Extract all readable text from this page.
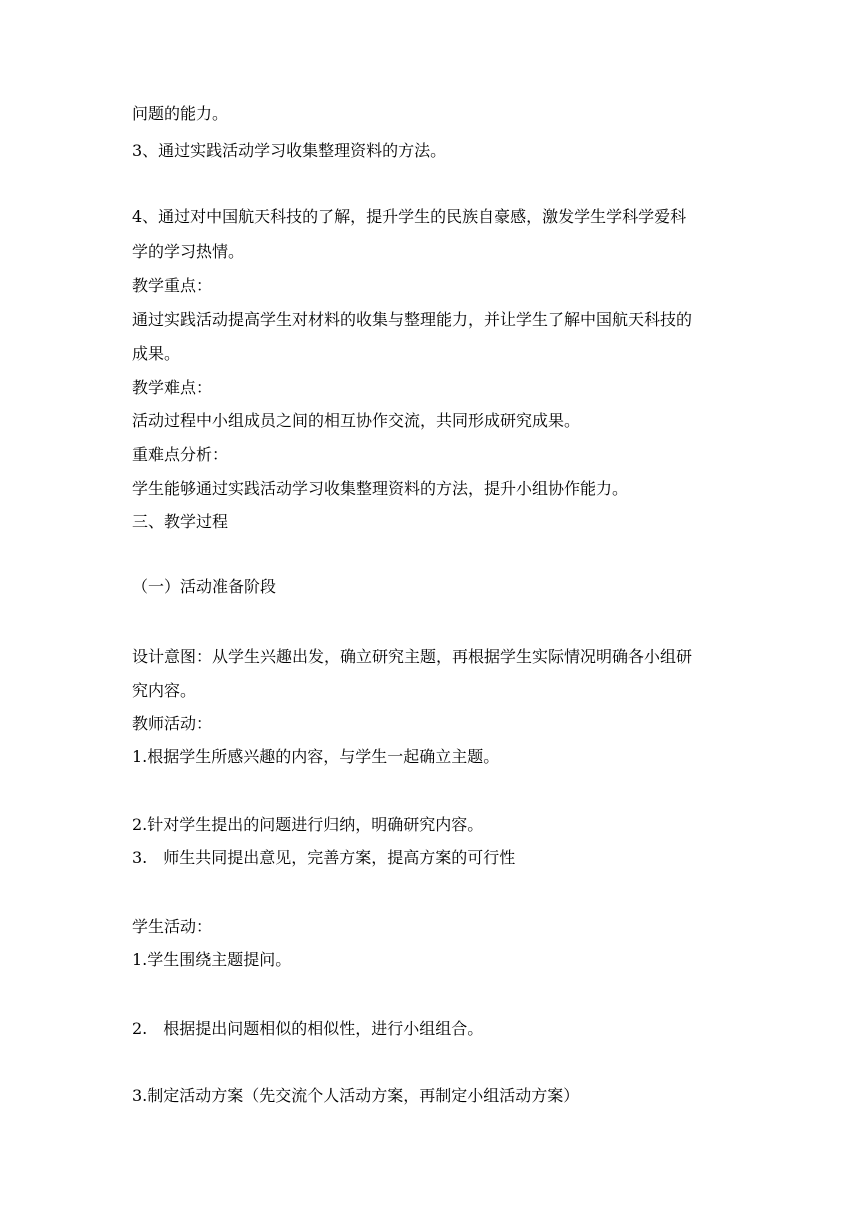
问题的能力。
3、通过实践活动学习收集整理资料的方法。
4、通过对中国航天科技的了解，提升学生的民族自豪感，激发学生学科学爱科
学的学习热情。
教学重点：
通过实践活动提高学生对材料的收集与整理能力，并让学生了解中国航天科技的
成果。
教学难点：
活动过程中小组成员之间的相互协作交流，共同形成研究成果。
重难点分析：
学生能够通过实践活动学习收集整理资料的方法，提升小组协作能力。
三、教学过程
（一）活动准备阶段
设计意图：从学生兴趣出发，确立研究主题，再根据学生实际情况明确各小组研
究内容。
教师活动：
1.根据学生所感兴趣的内容，与学生一起确立主题。
2.针对学生提出的问题进行归纳，明确研究内容。
3.　师生共同提出意见，完善方案，提高方案的可行性
学生活动：
1.学生围绕主题提问。
2.　根据提出问题相似的相似性，进行小组组合。
3.制定活动方案（先交流个人活动方案，再制定小组活动方案）
